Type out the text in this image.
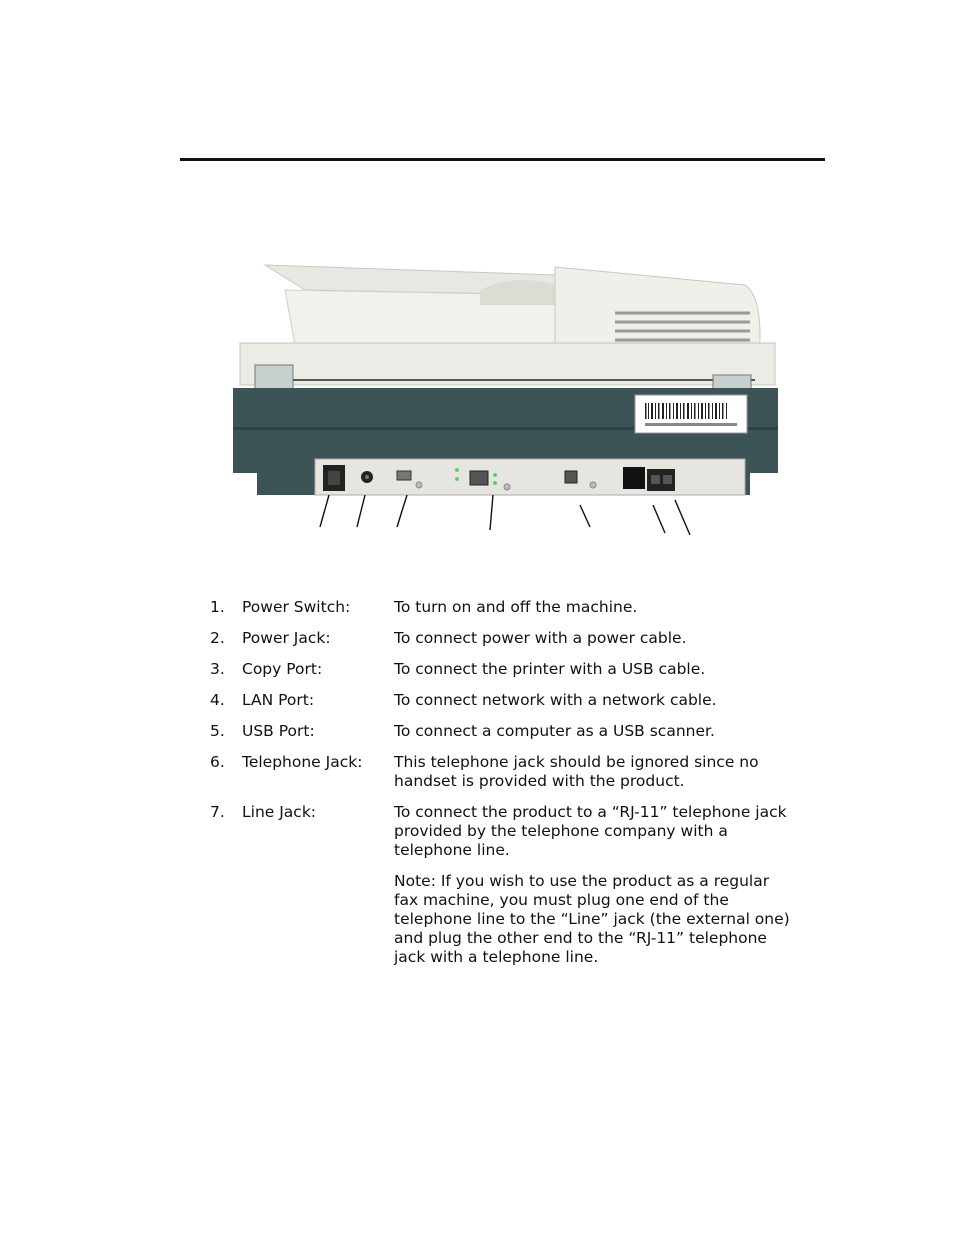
1.	Power Switch:	To turn on and off the machine.
2.	Power Jack:	To connect power with a power cable.
3.	Copy Port:	To connect the printer with a USB cable.
4.	LAN Port:	To connect network with a network cable.
5.	USB Port:	To connect a computer as a USB scanner.
6.	Telephone Jack:	This telephone jack should be ignored since no handset is provided with the product.
7.	Line Jack:	To connect the product to a “RJ-11” telephone jack provided by the telephone company with a telephone line.
Note: If you wish to use the product as a regular fax machine, you must plug one end of the telephone line to the “Line” jack (the external one) and plug the other end to the “RJ-11” telephone jack with a telephone line.
